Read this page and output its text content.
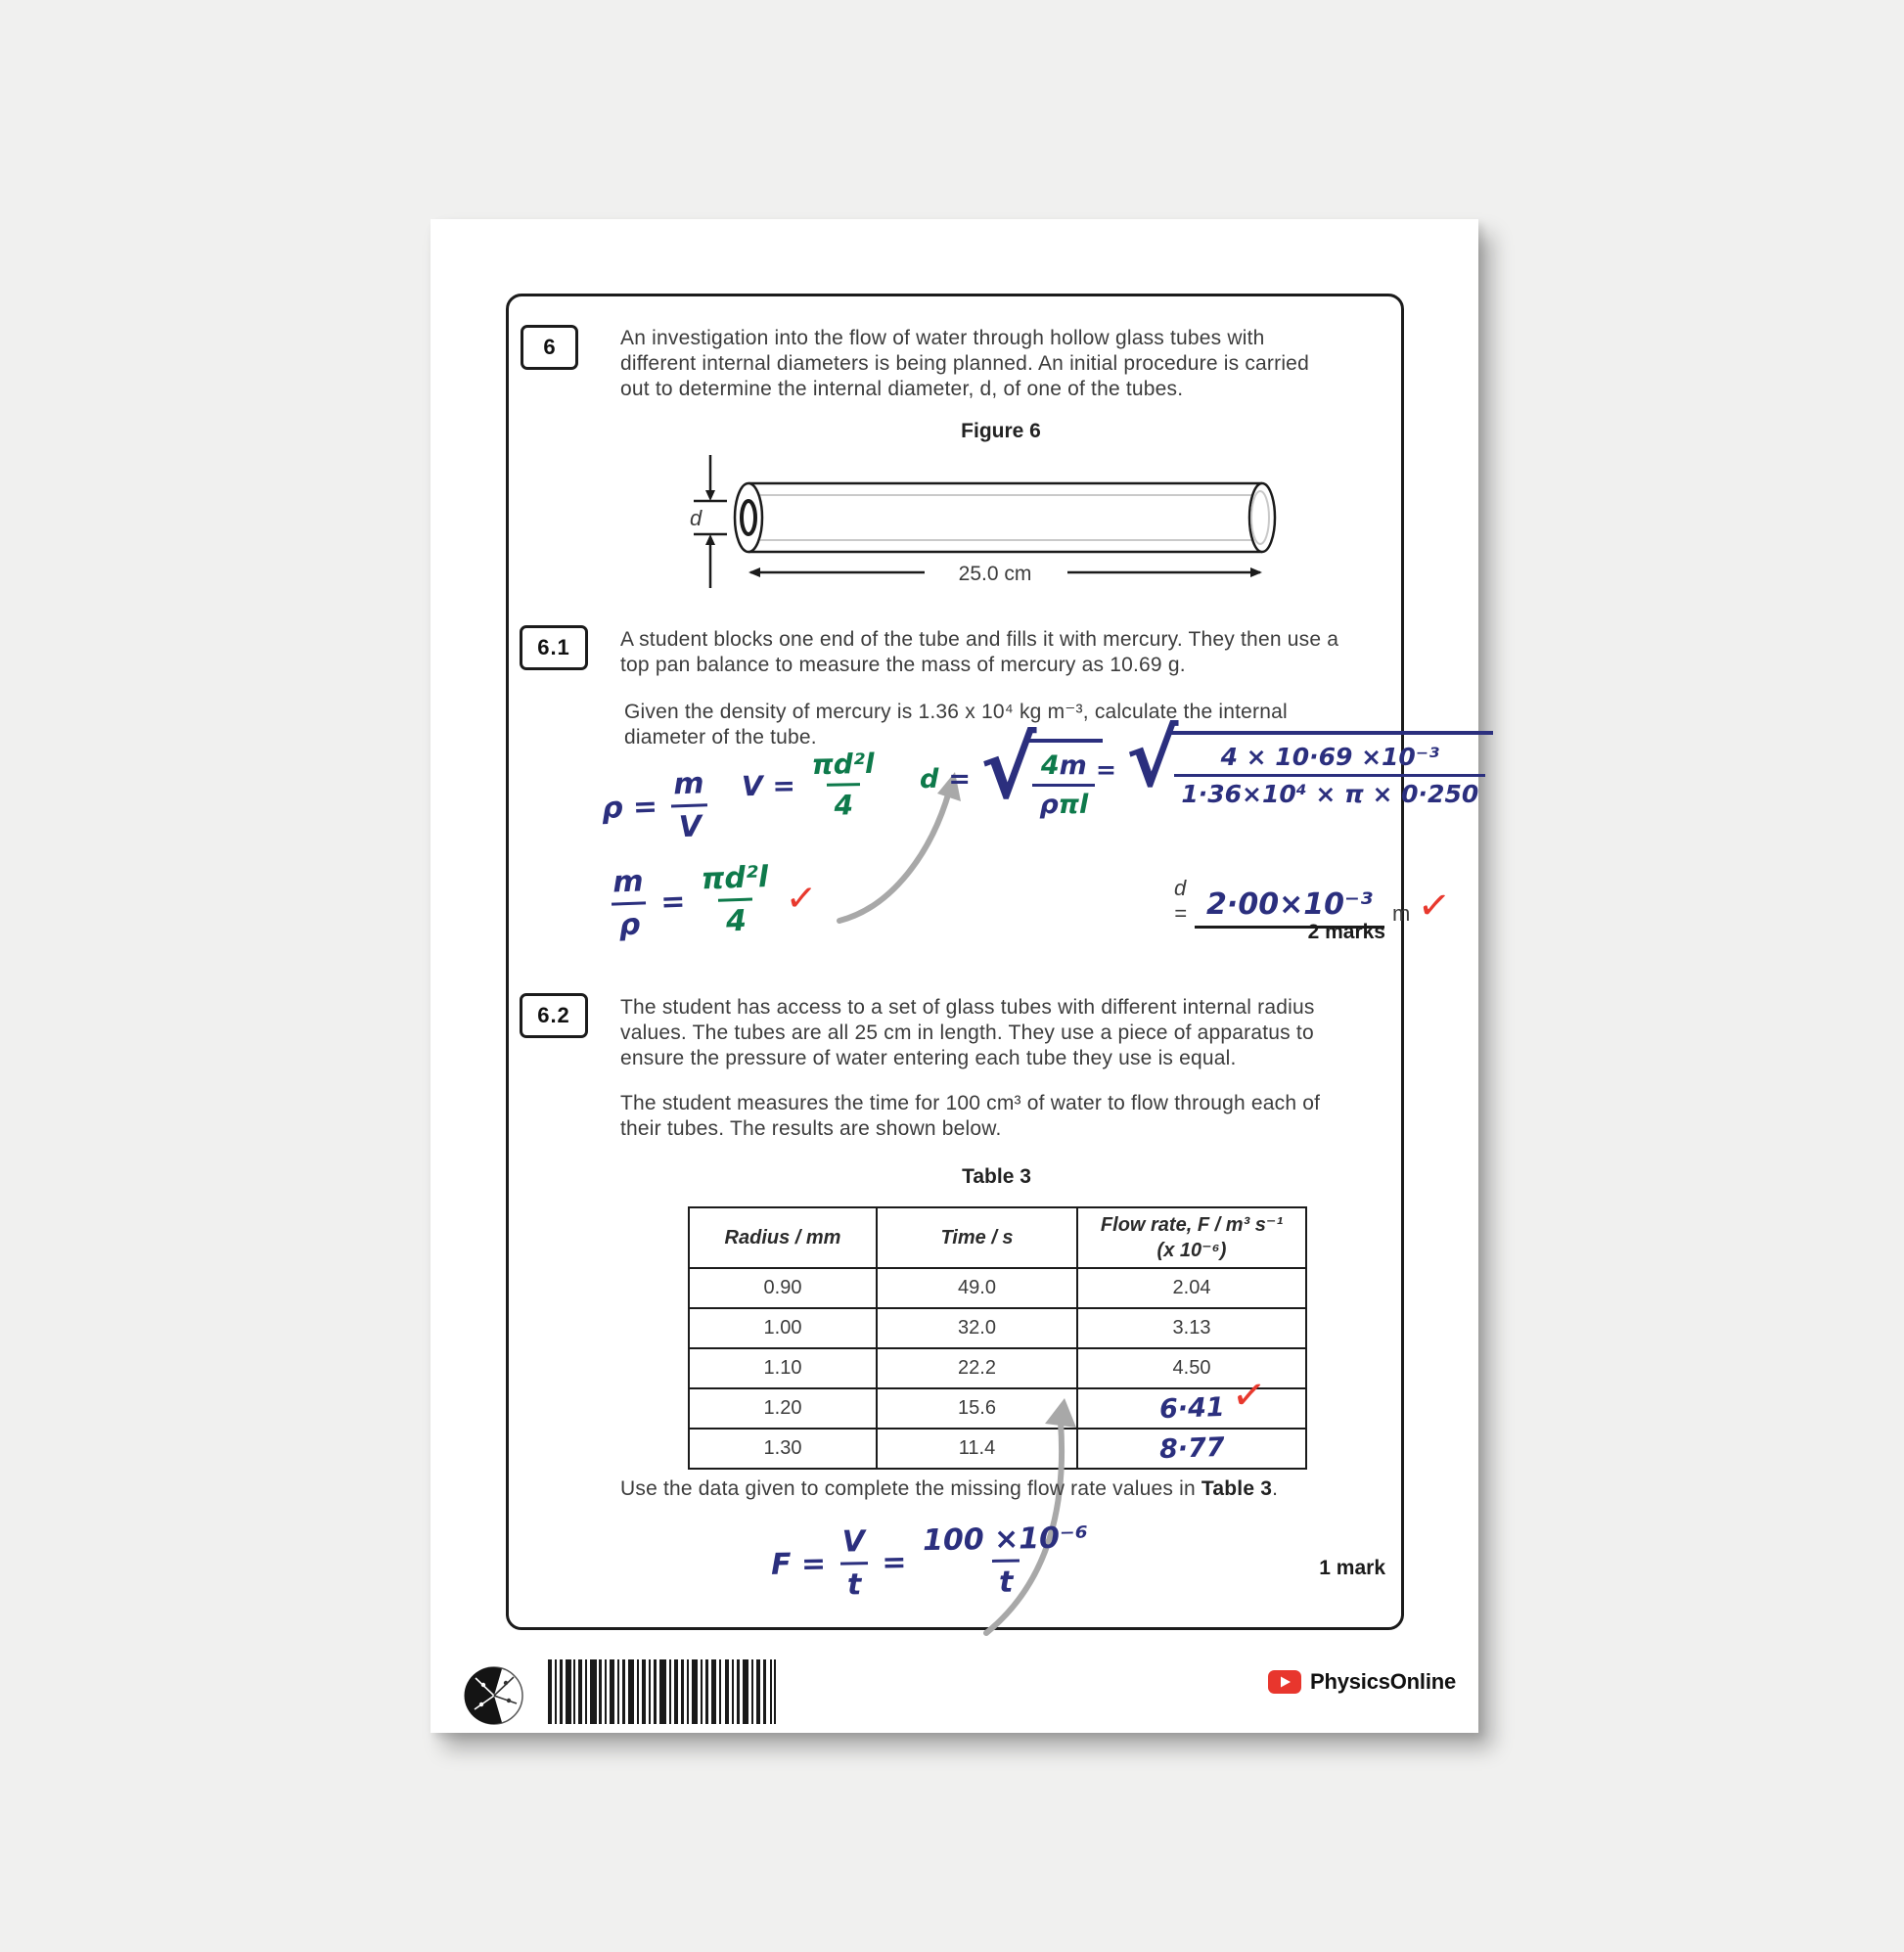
6	An investigation into the flow of water through hollow glass tubes with
different internal diameters is being planned. An initial procedure is carried
out to determine the internal diameter, d, of one of the tubes.
Figure 6
d
25.0 cm
6.1 A student blocks one end of the tube and fills it with mercury. They then use a
top pan balance to measure the mass of mercury as 10.69 g.
Given the density of mercury is 1.36 x 10⁴ kg m⁻³, calculate the internal
diameter of the tube.
$\rho = \frac{m}{V}$ $V = \frac{\text{πd²l}}{4}$
$\frac{m}{\rho} = \frac{\text{πd²l}}{4}$ ✓
d = √
$\frac{4m}{\text{ρπl}}$ = √
$\frac{\text{4 × 10·69 ×10⁻³}}{\text{1·36×10⁴ × π × 0·250}}$
d = 2·00×10⁻³ m ✓
2 marks
6.2 The student has access to a set of glass tubes with different internal radius
values. The tubes are all 25 cm in length. They use a piece of apparatus to
ensure the pressure of water entering each tube they use is equal.
The student measures the time for 100 cm³ of water to flow through each of
their tubes. The results are shown below.
Table 3
Radius / mm	Time / s	Flow rate, F / m³ s⁻¹
(x 10⁻⁶)

0.90	49.0	2.04
1.00	32.0	3.13
1.10	22.2	4.50
1.20	15.6	6·41
1.30	11.4	8·77
✓
Use the data given to complete the missing flow rate values in Table 3.
$F = \frac{V}{t} = \frac{\text{100 ×10⁻⁶}}{t}$	1 mark
PhysicsOnline
